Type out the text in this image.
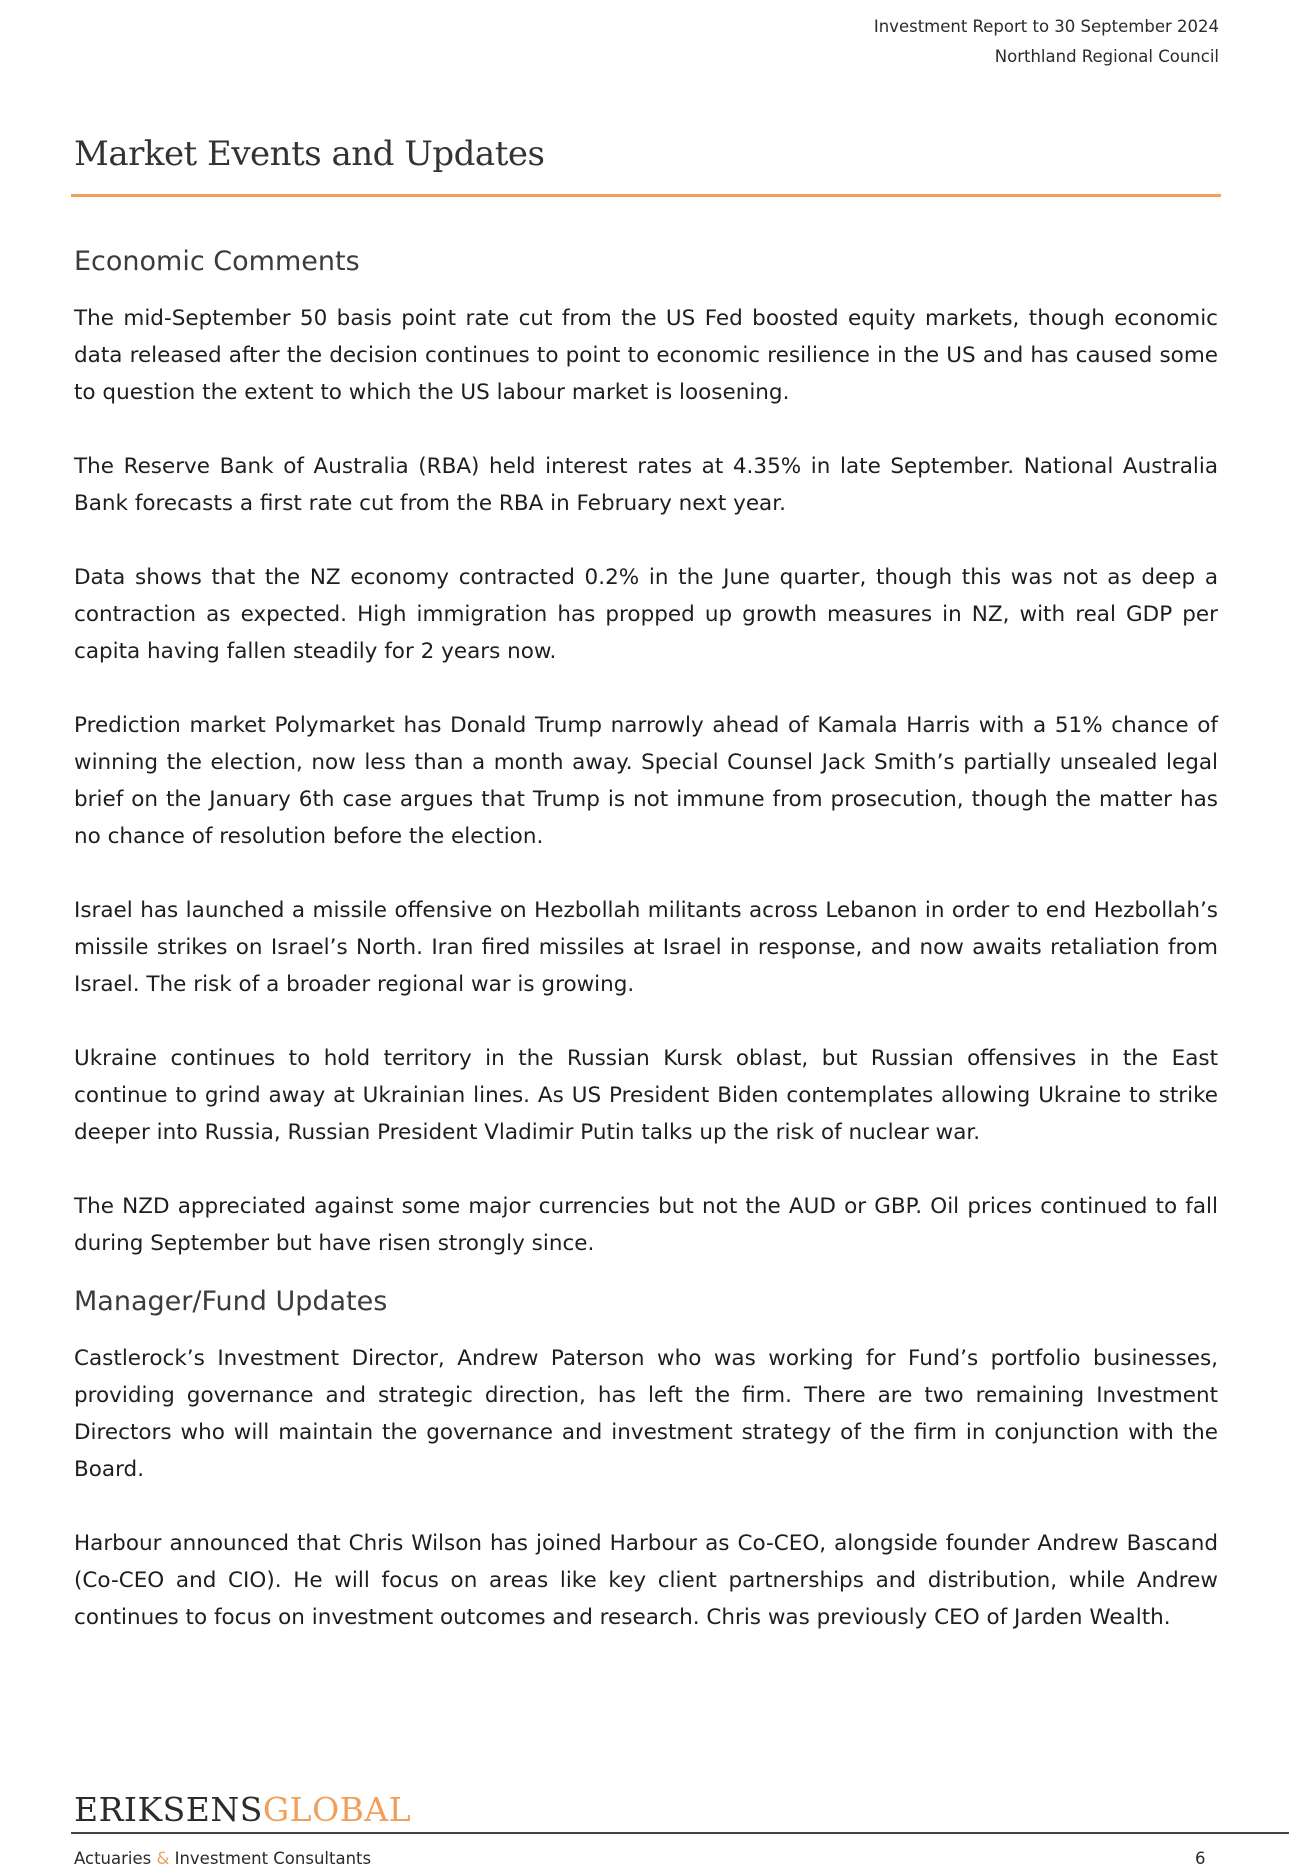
Investment Report to 30 September 2024
Northland Regional Council
Market Events and Updates
Economic Comments

The mid-September 50 basis point rate cut from the US Fed boosted equity markets, though economic data released after the decision continues to point to economic resilience in the US and has caused some to question the extent to which the US labour market is loosening.

The Reserve Bank of Australia (RBA) held interest rates at 4.35% in late September. National Australia Bank forecasts a first rate cut from the RBA in February next year.

Data shows that the NZ economy contracted 0.2% in the June quarter, though this was not as deep a contraction as expected. High immigration has propped up growth measures in NZ, with real GDP per capita having fallen steadily for 2 years now.

Prediction market Polymarket has Donald Trump narrowly ahead of Kamala Harris with a 51% chance of winning the election, now less than a month away. Special Counsel Jack Smith’s partially unsealed legal brief on the January 6th case argues that Trump is not immune from prosecution, though the matter has no chance of resolution before the election.

Israel has launched a missile offensive on Hezbollah militants across Lebanon in order to end Hezbollah’s missile strikes on Israel’s North. Iran fired missiles at Israel in response, and now awaits retaliation from Israel. The risk of a broader regional war is growing.

Ukraine continues to hold territory in the Russian Kursk oblast, but Russian offensives in the East continue to grind away at Ukrainian lines. As US President Biden contemplates allowing Ukraine to strike deeper into Russia, Russian President Vladimir Putin talks up the risk of nuclear war.

The NZD appreciated against some major currencies but not the AUD or GBP. Oil prices continued to fall during September but have risen strongly since.

Manager/Fund Updates

Castlerock’s Investment Director, Andrew Paterson who was working for Fund’s portfolio businesses, providing governance and strategic direction, has left the firm. There are two remaining Investment Directors who will maintain the governance and investment strategy of the firm in conjunction with the Board.

Harbour announced that Chris Wilson has joined Harbour as Co-CEO, alongside founder Andrew Bascand (Co-CEO and CIO). He will focus on areas like key client partnerships and distribution, while Andrew continues to focus on investment outcomes and research. Chris was previously CEO of Jarden Wealth.

ERIKSENSGLOBAL
Actuaries & Investment Consultants	6
